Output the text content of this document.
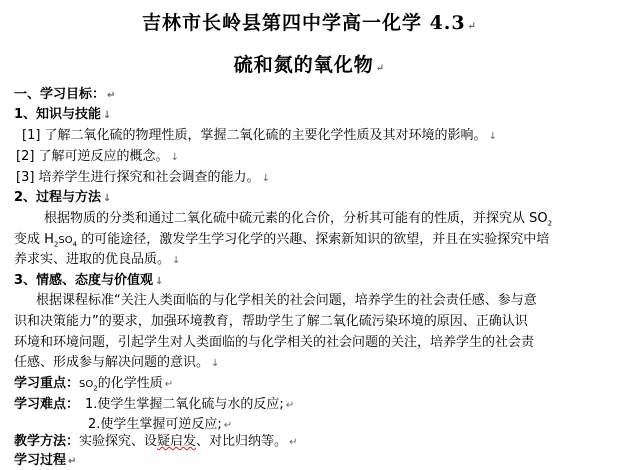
吉林市长岭县第四中学高一化学 4.3 ↵
硫和氮的氧化物 ↵
一、学习目标： ↵
1、知识与技能 ↓
[1] 了解二氧化硫的物理性质，掌握二氧化硫的主要化学性质及其对环境的影响。 ↓
[2] 了解可逆反应的概念。 ↓
[3] 培养学生进行探究和社会调查的能力。 ↓
2、过程与方法 ↓
根据物质的分类和通过二氧化硫中硫元素的化合价，分析其可能有的性质，并探究从 $SO_2$
变成 $H_2SO_4$ 的可能途径，激发学生学习化学的兴趣、探索新知识的欲望，并且在实验探究中培
养求实、进取的优良品质。 ↓
3、情感、态度与价值观 ↓
根据课程标准“关注人类面临的与化学相关的社会问题，培养学生的社会责任感、参与意
识和决策能力”的要求，加强环境教育，帮助学生了解二氧化硫污染环境的原因、正确认识
环境和环境问题，引起学生对人类面临的与化学相关的社会问题的关注，培养学生的社会责
任感、形成参与解决问题的意识。 ↓
学习重点：$SO_2$的化学性质 ↵
学习难点： 1.使学生掌握二氧化硫与水的反应; ↵
2.使学生掌握可逆反应; ↵
教学方法：实验探究、设疑启发、对比归纳等。 ↵
学习过程 ↵
